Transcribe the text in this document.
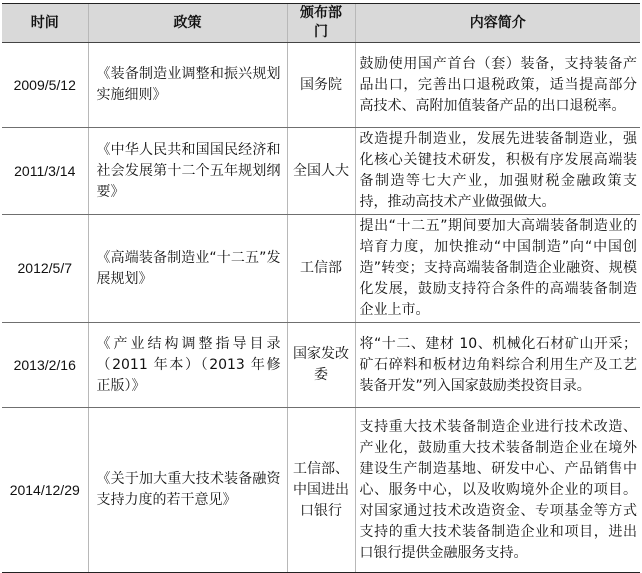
时间	政策	颁布部门	内容简介
2009/5/12	《装备制造业调整和振兴规划实施细则》	国务院	鼓励使用国产首台（套）装备，支持装备产品出口，完善出口退税政策，适当提高部分高技术、高附加值装备产品的出口退税率。
2011/3/14	《中华人民共和国国民经济和社会发展第十二个五年规划纲要》	全国人大	改造提升制造业，发展先进装备制造业，强化核心关键技术研发，积极有序发展高端装备制造等七大产业，加强财税金融政策支持，推动高技术产业做强做大。
2012/5/7	《高端装备制造业“十二五”发展规划》	工信部	提出“十二五”期间要加大高端装备制造业的培育力度，加快推动“中国制造”向“中国创造”转变；支持高端装备制造企业融资、规模化发展，鼓励支持符合条件的高端装备制造企业上市。
2013/2/16	《产业结构调整指导目录（2011 年本）（2013 年修正版）》	国家发改委	将“十二、建材 10、机械化石材矿山开采；矿石碎料和板材边角料综合利用生产及工艺装备开发”列入国家鼓励类投资目录。
2014/12/29	《关于加大重大技术装备融资支持力度的若干意见》	工信部、中国进出口银行	支持重大技术装备制造企业进行技术改造、产业化，鼓励重大技术装备制造企业在境外建设生产制造基地、研发中心、产品销售中心、服务中心，以及收购境外企业的项目。对国家通过技术改造资金、专项基金等方式支持的重大技术装备制造企业和项目，进出口银行提供金融服务支持。
